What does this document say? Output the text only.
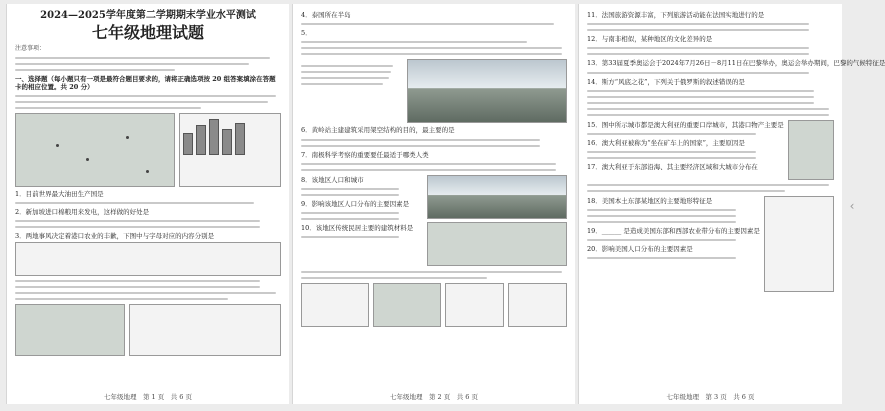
2024—2025学年度第二学期期末学业水平测试
七年级地理试题
注意事项：
一、选择题（每小题只有一项是最符合题目要求的，请将正确选项按 20 组答案填涂在答题卡的相应位置。共 20 分）
1．目前世界最大油田生产国是
2．新加坡进口棉粮用来发电，这样做的好处是
3．两地事风决定着港口农业的丰歉，下图中与字母对应的内容分别是
七年级地理　第 1 页　共 6 页
4．泰国所在半岛
5．
6．黄岭站主建建筑采用架空结构的目的，最主要的是
7．南极科学考察的重要要任最适于哪类人类
8．该地区人口和城市
9．影响该地区人口分布的主要因素是
10．该地区传统民居主要的建筑材料是
七年级地理　第 2 页　共 6 页
11．法国旅游资源丰富，下列旅游活动能在法国实地进行的是
12．与南非相似，某种地区的文化差异的是
13．第33届夏季奥运会于2024年7月26日－8月11日在巴黎举办，奥运会举办期间，巴黎的气候特征是
14．斯方“风底之花”，下列关于俄罗斯的叙述错误的是
15．图中所示城市都是澳大利亚的重要口岸城市，其港口物产主要是
16．澳大利亚被称为“坐在矿车上的国家”，主要原因是
17．澳大利亚于东部沿海、其主要经济区域和大城市分布在
18．美国本土东部某地区的主要地形特征是
19．______ 是造成美国东部和西部农业带分布的主要因素是
20．影响美国人口分布的主要因素是
七年级地理　第 3 页　共 6 页
‹
